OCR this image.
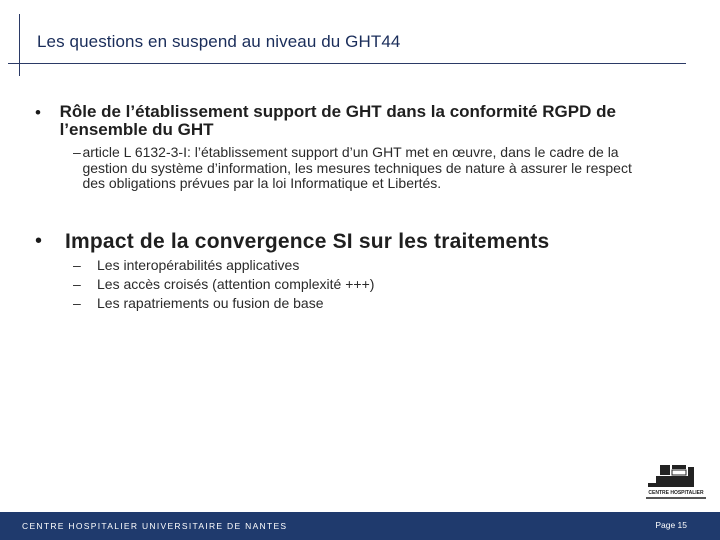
Les questions en suspend au niveau du GHT44
•	Rôle de l’établissement support de GHT dans la conformité RGPD de l’ensemble du GHT
– article L 6132-3-I: l’établissement support d’un GHT met en œuvre, dans le cadre de la gestion du système d’information, les mesures techniques de nature à assurer le respect des obligations prévues par la loi Informatique et Libertés.
•	Impact de la convergence SI sur les traitements
–	Les interopérabilités applicatives
–	Les accès croisés (attention complexité +++)
–	Les rapatriements ou fusion de base
CENTRE HOSPITALIER
CENTRE HOSPITALIER UNIVERSITAIRE DE NANTES	Page 15
